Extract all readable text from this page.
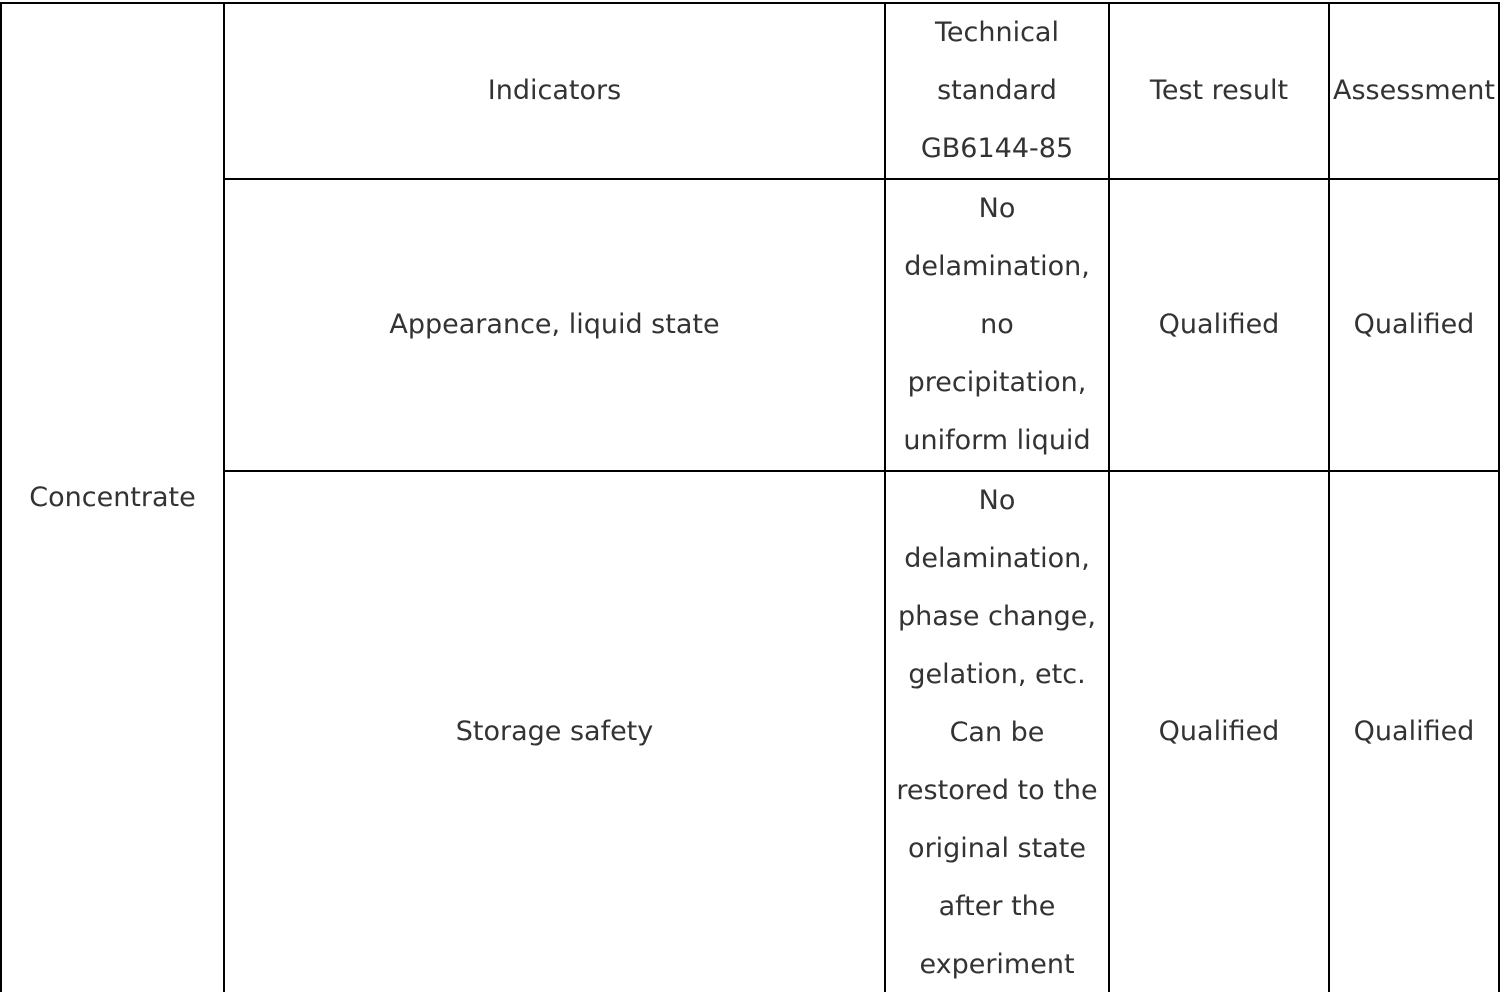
Concentrate
Indicators
Technical
standard
GB6144-85
Test result Assessment
Appearance, liquid state
No
delamination,
no
precipitation,
uniform liquid
Qualified	Qualified
Storage safety
No
delamination,
phase change,
gelation, etc.
Can be
restored to the
original state
after the
experiment
Qualified	Qualified
